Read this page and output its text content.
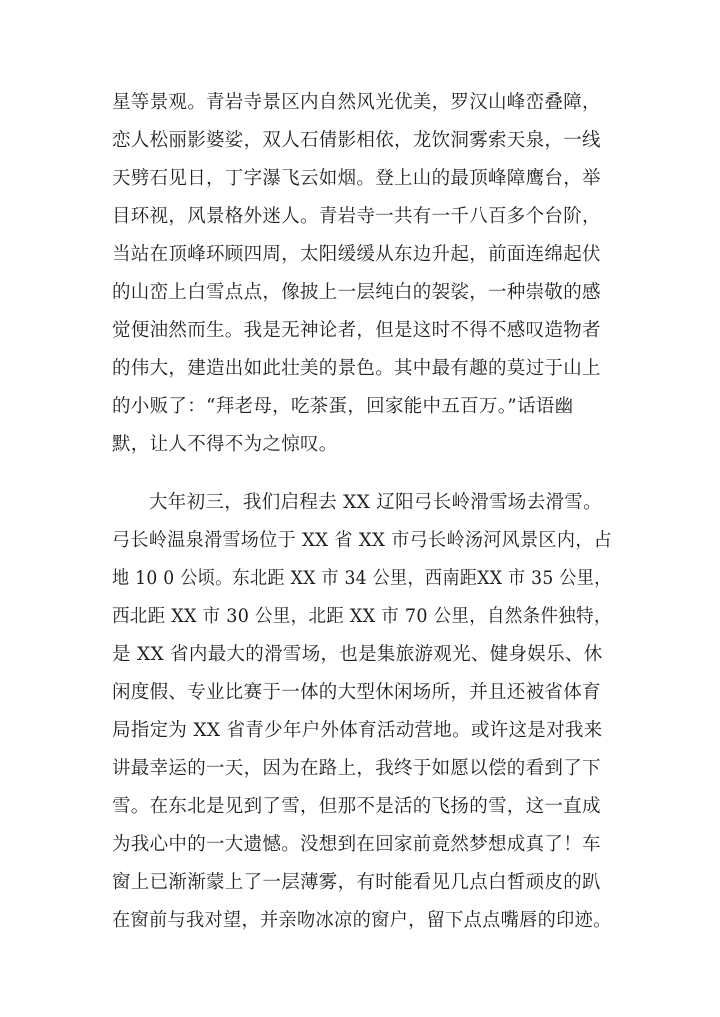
星等景观。青岩寺景区内自然风光优美，罗汉山峰峦叠障，
恋人松丽影婆娑，双人石倩影相依，龙饮洞雾索天泉，一线
天劈石见日，丁字瀑飞云如烟。登上山的最顶峰障鹰台，举
目环视，风景格外迷人。青岩寺一共有一千八百多个台阶，
当站在顶峰环顾四周，太阳缓缓从东边升起，前面连绵起伏
的山峦上白雪点点，像披上一层纯白的袈裟，一种崇敬的感
觉便油然而生。我是无神论者，但是这时不得不感叹造物者
的伟大，建造出如此壮美的景色。其中最有趣的莫过于山上
的小贩了：“拜老母，吃茶蛋，回家能中五百万。”话语幽
默，让人不得不为之惊叹。
大年初三，我们启程去 XX 辽阳弓长岭滑雪场去滑雪。
弓长岭温泉滑雪场位于 XX 省 XX 市弓长岭汤河风景区内，占
地 10 0 公顷。东北距 XX 市 34 公里，西南距XX 市 35 公里，
西北距 XX 市 30 公里，北距 XX 市 70 公里，自然条件独特，
是 XX 省内最大的滑雪场，也是集旅游观光、健身娱乐、休
闲度假、专业比赛于一体的大型休闲场所，并且还被省体育
局指定为 XX 省青少年户外体育活动营地。或许这是对我来
讲最幸运的一天，因为在路上，我终于如愿以偿的看到了下
雪。在东北是见到了雪，但那不是活的飞扬的雪，这一直成
为我心中的一大遗憾。没想到在回家前竟然梦想成真了！车
窗上已渐渐蒙上了一层薄雾，有时能看见几点白皙顽皮的趴
在窗前与我对望，并亲吻冰凉的窗户，留下点点嘴唇的印迹。
